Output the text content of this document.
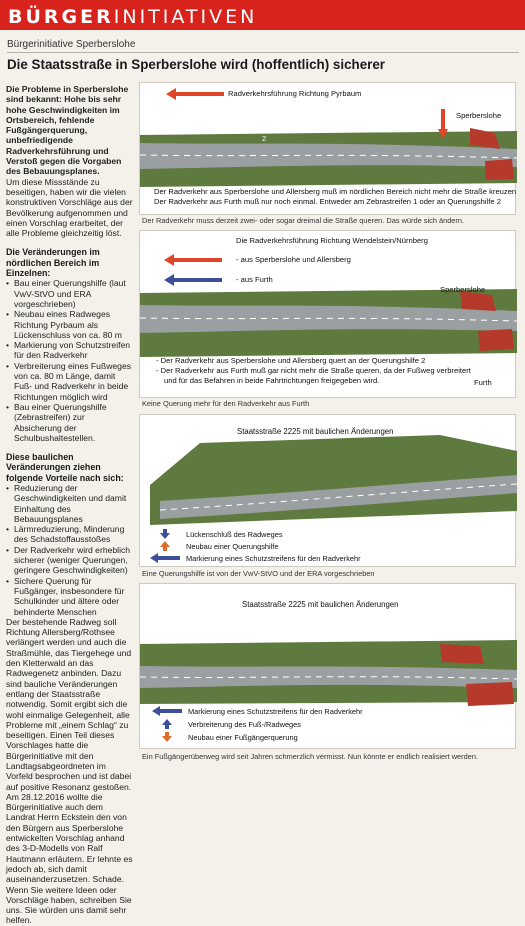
BÜRGERINITIATIVEN
Bürgerinitiative Sperberslohe
Die Staatsstraße in Sperberslohe wird (hoffentlich) sicherer

Die Probleme in Sperberslohe sind bekannt: Hohe bis sehr hohe Geschwindigkeiten im Ortsbereich, fehlende Fußgängerquerung, unbefriedigende Radverkehrsführung und Verstoß gegen die Vorgaben des Bebauungsplanes.

Um diese Missstände zu beseitigen, haben wir die vielen konstruktiven Vorschläge aus der Bevölkerung aufgenommen und einen Vorschlag erarbeitet, der alle Probleme gleichzeitig löst.

Die Veränderungen im nördlichen Bereich im Einzelnen:
• Bau einer Querungshilfe (laut VwV-StVO und ERA vorgeschrieben)
• Neubau eines Radweges Richtung Pyrbaum als Lückenschluss von ca. 80 m
• Markierung von Schutzstreifen für den Radverkehr
• Verbreiterung eines Fußweges von ca. 80 m Länge, damit Fuß- und Radverkehr in beide Richtungen möglich wird
• Bau einer Querungshilfe (Zebrastreifen) zur Absicherung der Schulbushaltestellen.
Diese baulichen Veränderungen ziehen folgende Vorteile nach sich:
• Reduzierung der Geschwindigkeiten und damit Einhaltung des Bebauungsplanes
• Lärmreduzierung, Minderung des Schadstoffausstoßes
• Der Radverkehr wird erheblich sicherer (weniger Querungen, geringere Geschwindigkeiten)
• Sichere Querung für Fußgänger, insbesondere für Schulkinder und ältere oder behinderte Menschen

Der bestehende Radweg soll Richtung Allersberg/Rothsee verlängert werden und auch die Straßmühle, das Tiergehege und den Kletterwald an das Radwegenetz anbinden. Dazu sind bauliche Veränderungen entlang der Staatsstraße notwendig. Somit ergibt sich die wohl einmalige Gelegenheit, alle Probleme mit „einem Schlag“ zu beseitigen. Einen Teil dieses Vorschlages hatte die Bürgerinitiative mit den Landtagsabgeordneten im Vorfeld besprochen und ist dabei auf positive Resonanz gestoßen. Am 28.12.2016 wollte die Bürgerinitiative auch dem Landrat Herrn Eckstein den von den Bürgern aus Sperberslohe entwickelten Vorschlag anhand des 3-D-Modells von Ralf Hautmann erläutern. Er lehnte es jedoch ab, sich damit auseinanderzusetzen. Schade. Wenn Sie weitere Ideen oder Vorschläge haben, schreiben Sie uns. Sie würden uns damit sehr helfen.

Radverkehrsführung Richtung Pyrbaum
Sperberslohe
2
Der Radverkehr aus Sperberslohe und Allersberg muß im nördlichen Bereich nicht mehr die Straße kreuzen
Der Radverkehr aus Furth muß nur noch einmal. Entweder am Zebrastreifen 1 oder an Querungshilfe 2
Der Radverkehr muss derzeit zwei- oder sogar dreimal die Straße queren. Das würde sich ändern.
Die Radverkehrsführung Richtung Wendelstein/Nürnberg
- aus Sperberslohe und Allersberg
- aus Furth
Sperberslohe
Furth
- Der Radverkehr aus Sperberslohe und Allersberg quert an der Querungshilfe 2
- Der Radverkehr aus Furth muß gar nicht mehr die Straße queren, da der Fußweg verbreitert
und für das Befahren in beide Fahrtrichtungen freigegeben wird.
Keine Querung mehr für den Radverkehr aus Furth
Staatsstraße 2225 mit baulichen Änderungen
Lückenschluß des Radweges
Neubau einer Querungshilfe
Markierung eines Schutzstreifens für den Radverkehr
Eine Querungshilfe ist von der VwV-StVO und der ERA vorgeschrieben
Staatsstraße 2225 mit baulichen Änderungen
Markierung eines Schutzstreifens für den Radverkehr
Verbreiterung des Fuß-/Radweges
Neubau einer Fußgängerquerung
Ein Fußgängerüberweg wird seit Jahren schmerzlich vermisst. Nun könnte er endlich realisiert werden.
